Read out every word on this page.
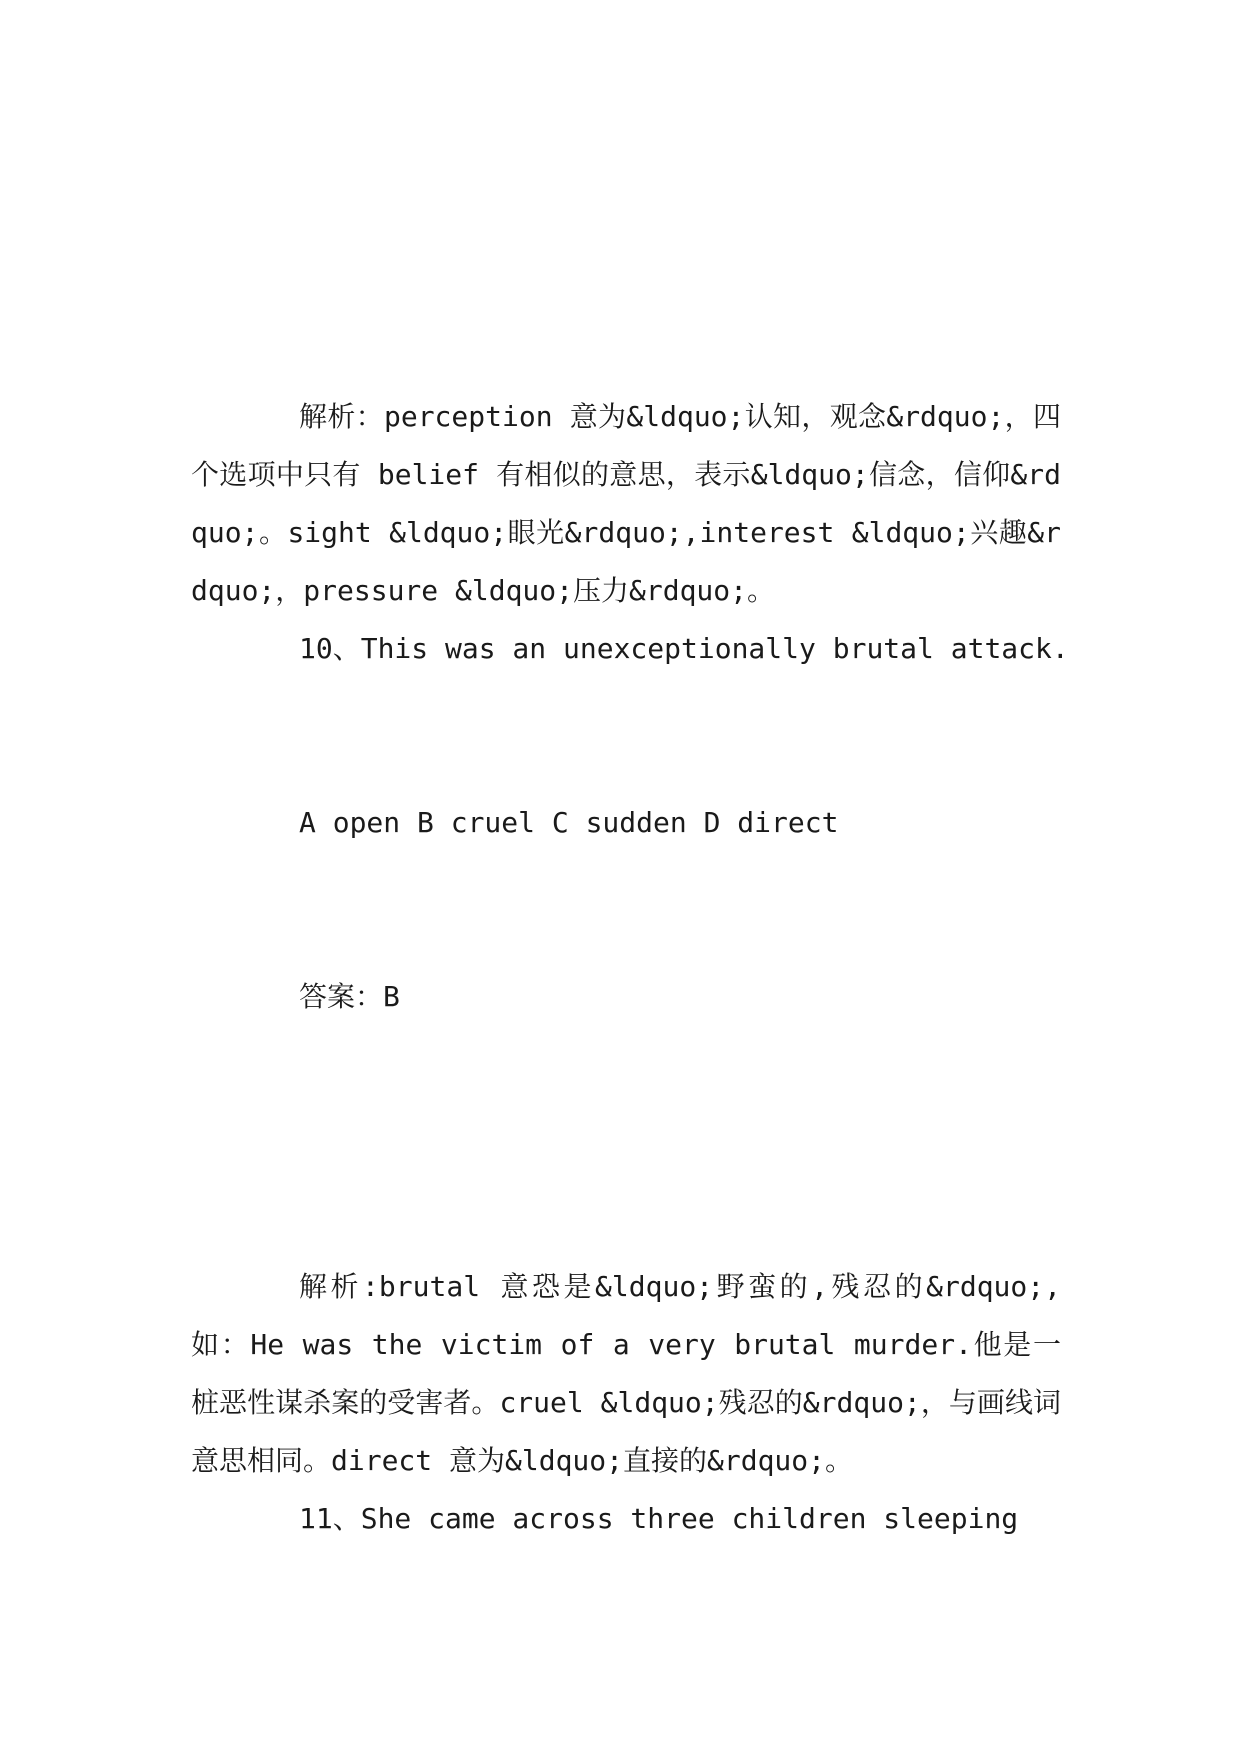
解析：perception 意为&ldquo;认知，观念&rdquo;，四个选项中只有 belief 有相似的意思，表示&ldquo;信念，信仰&rdquo;。sight &ldquo;眼光&rdquo;,interest &ldquo;兴趣&rdquo;，pressure &ldquo;压力&rdquo;。

10、This was an unexceptionally brutal attack.
A open B cruel C sudden D direct
答案：B

解析:brutal 意恐是&ldquo;野蛮的,残忍的&rdquo;,如：He was the victim of a very brutal murder.他是一桩恶性谋杀案的受害者。cruel &ldquo;残忍的&rdquo;，与画线词意思相同。direct 意为&ldquo;直接的&rdquo;。

11、She came across three children sleeping
